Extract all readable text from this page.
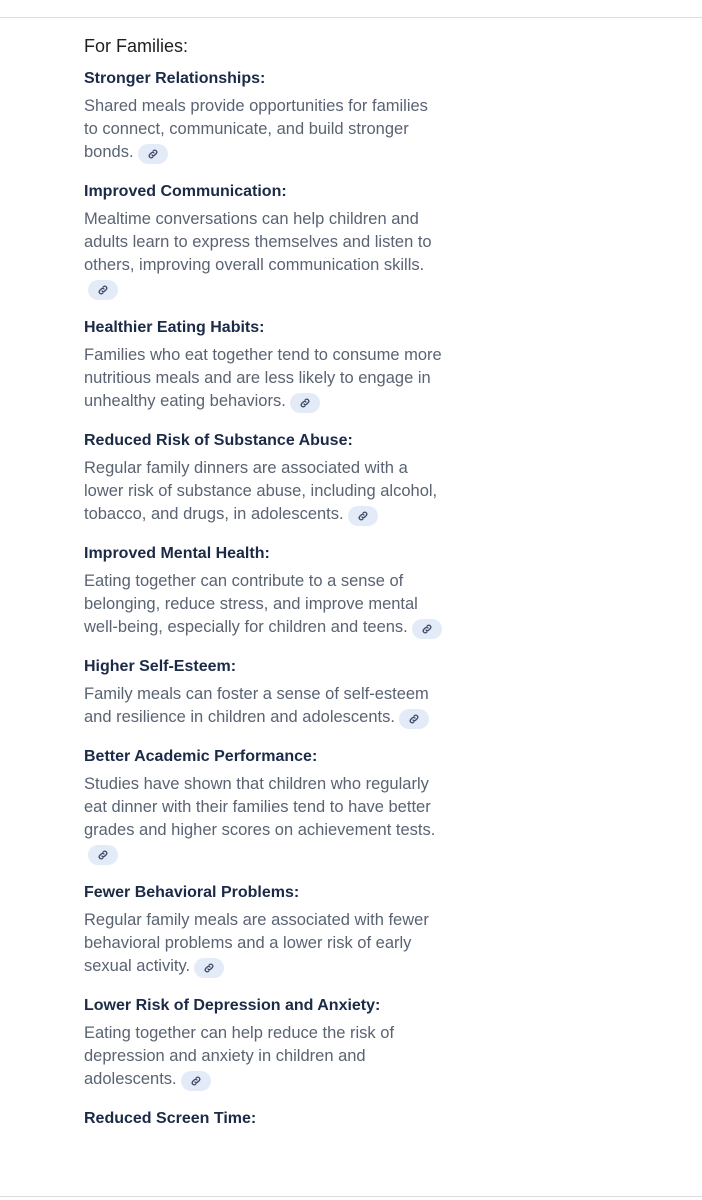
For Families:
Stronger Relationships:

Shared meals provide opportunities for families to connect, communicate, and build stronger bonds.

Improved Communication:

Mealtime conversations can help children and adults learn to express themselves and listen to others, improving overall communication skills.

Healthier Eating Habits:

Families who eat together tend to consume more nutritious meals and are less likely to engage in unhealthy eating behaviors.

Reduced Risk of Substance Abuse:

Regular family dinners are associated with a lower risk of substance abuse, including alcohol, tobacco, and drugs, in adolescents.

Improved Mental Health:

Eating together can contribute to a sense of belonging, reduce stress, and improve mental well-being, especially for children and teens.

Higher Self-Esteem:

Family meals can foster a sense of self-esteem and resilience in children and adolescents.

Better Academic Performance:

Studies have shown that children who regularly eat dinner with their families tend to have better grades and higher scores on achievement tests.

Fewer Behavioral Problems:

Regular family meals are associated with fewer behavioral problems and a lower risk of early sexual activity.

Lower Risk of Depression and Anxiety:

Eating together can help reduce the risk of depression and anxiety in children and adolescents.

Reduced Screen Time:
